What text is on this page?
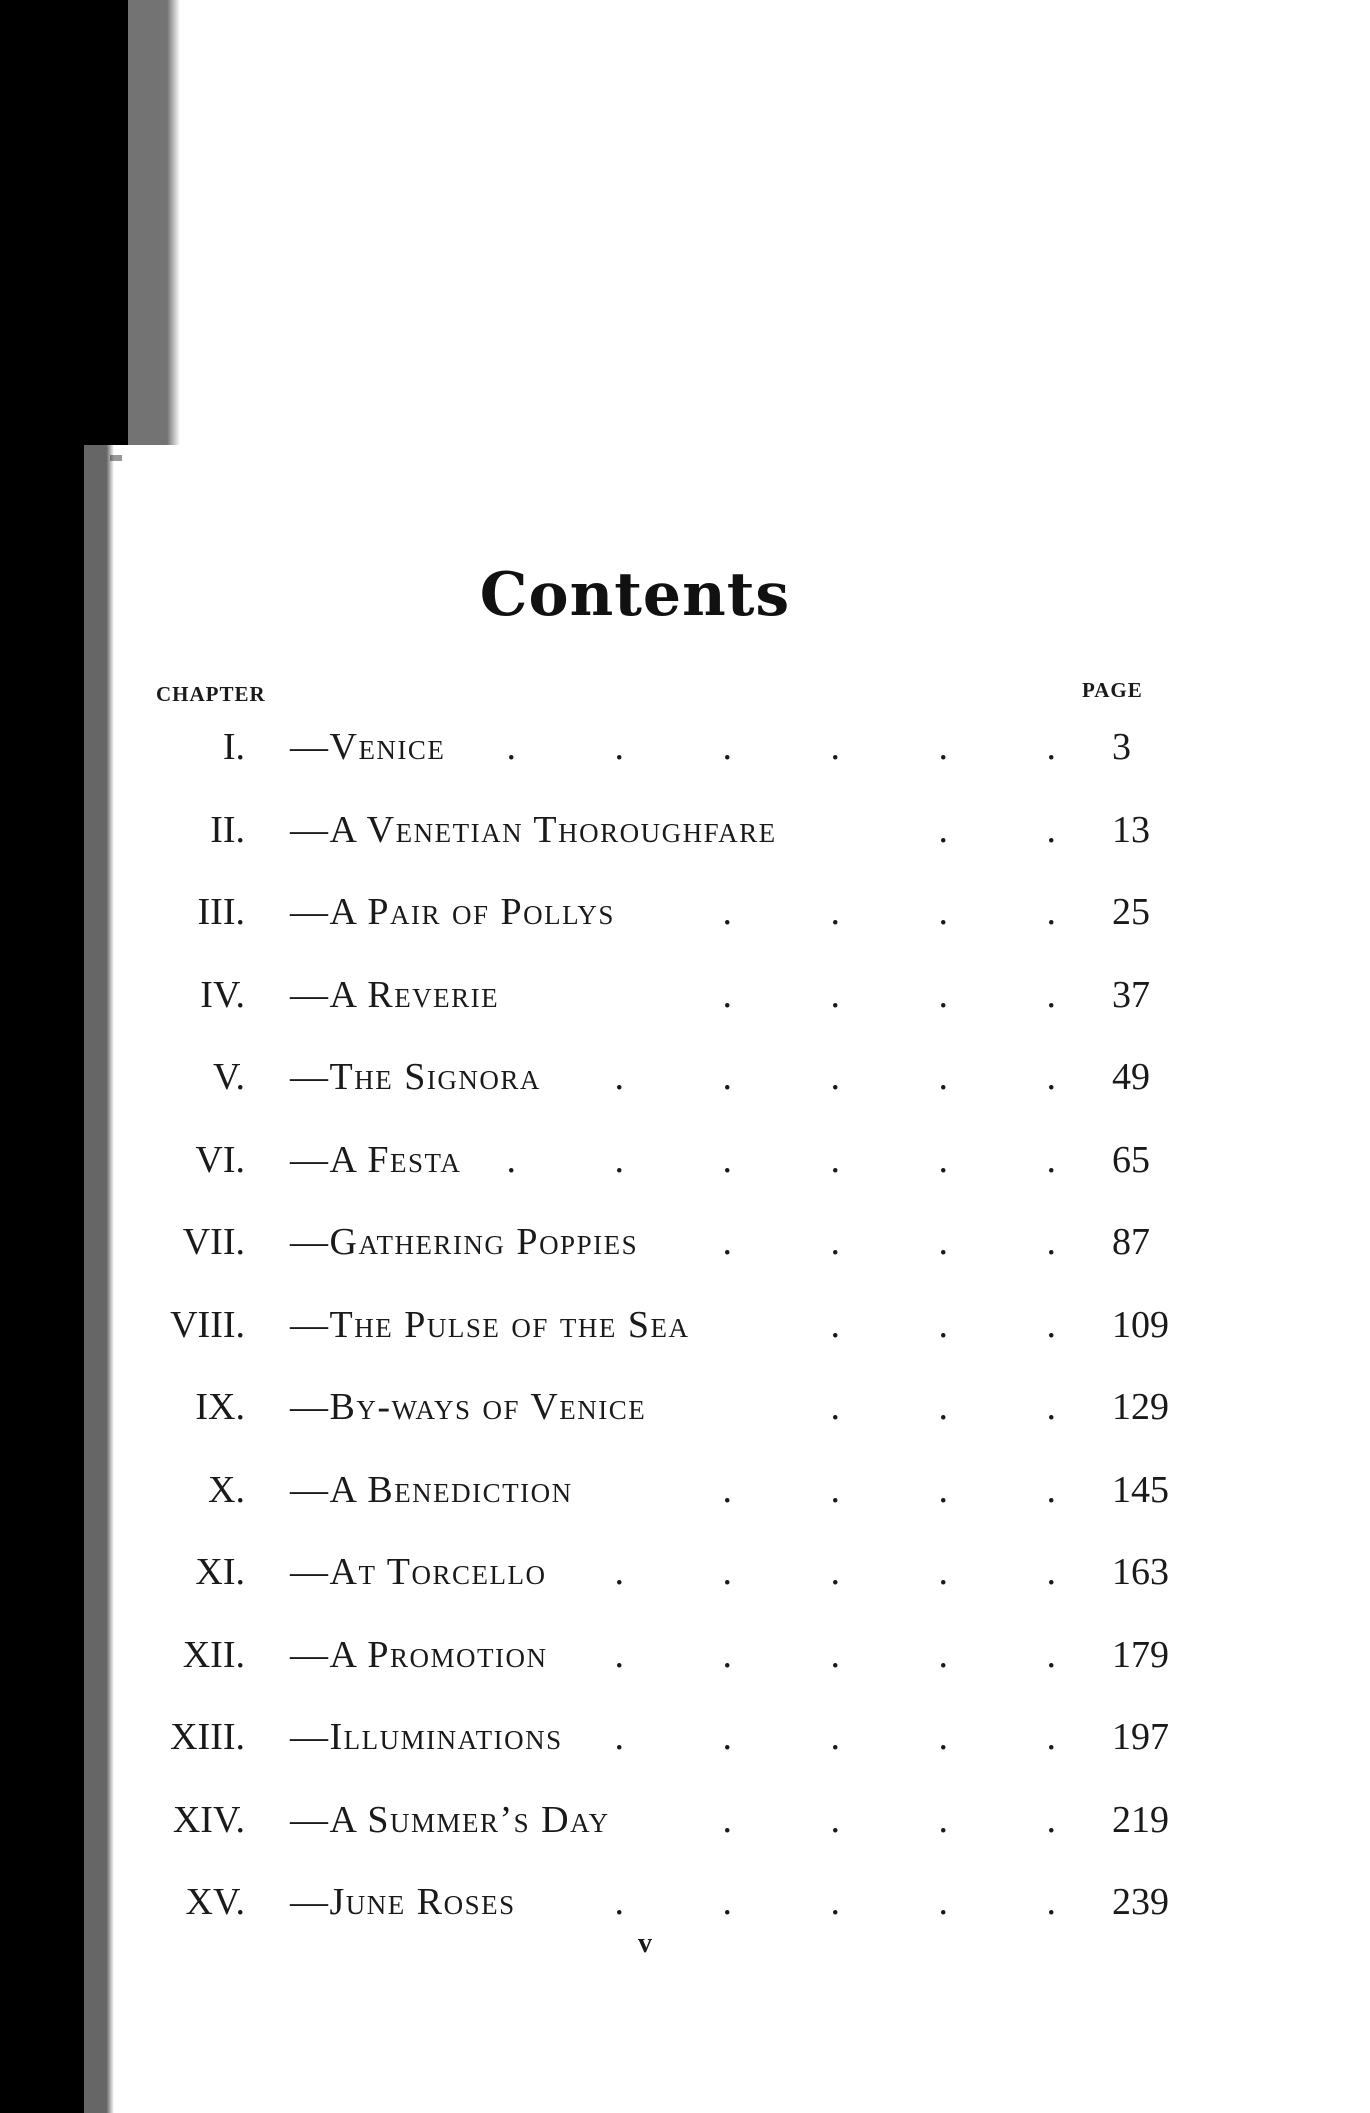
Contents
CHAPTER	PAGE
I. —Venice	.	.	.	.	.	. 3
II. —A Venetian Thoroughfare	.	. 13
III. —A Pair of Pollys	.	.	.	. 25
IV. —A Reverie	.	.	.	. 37
V. —The Signora	.	.	.	.	. 49
VI. —A Festa	.	.	.	.	.	. 65
VII. —Gathering Poppies	.	.	.	. 87
VIII. —The Pulse of the Sea	.	.	. 109
IX. —By-ways of Venice	.	.	. 129
X. —A Benediction	.	.	.	. 145
XI. —At Torcello	.	.	.	.	. 163
XII. —A Promotion	.	.	.	.	. 179
XIII. —Illuminations	.	.	.	.	. 197
XIV. —A Summer’s Day	.	.	.	. 219
XV. —June Roses	.	.	.	.	. 239
v
